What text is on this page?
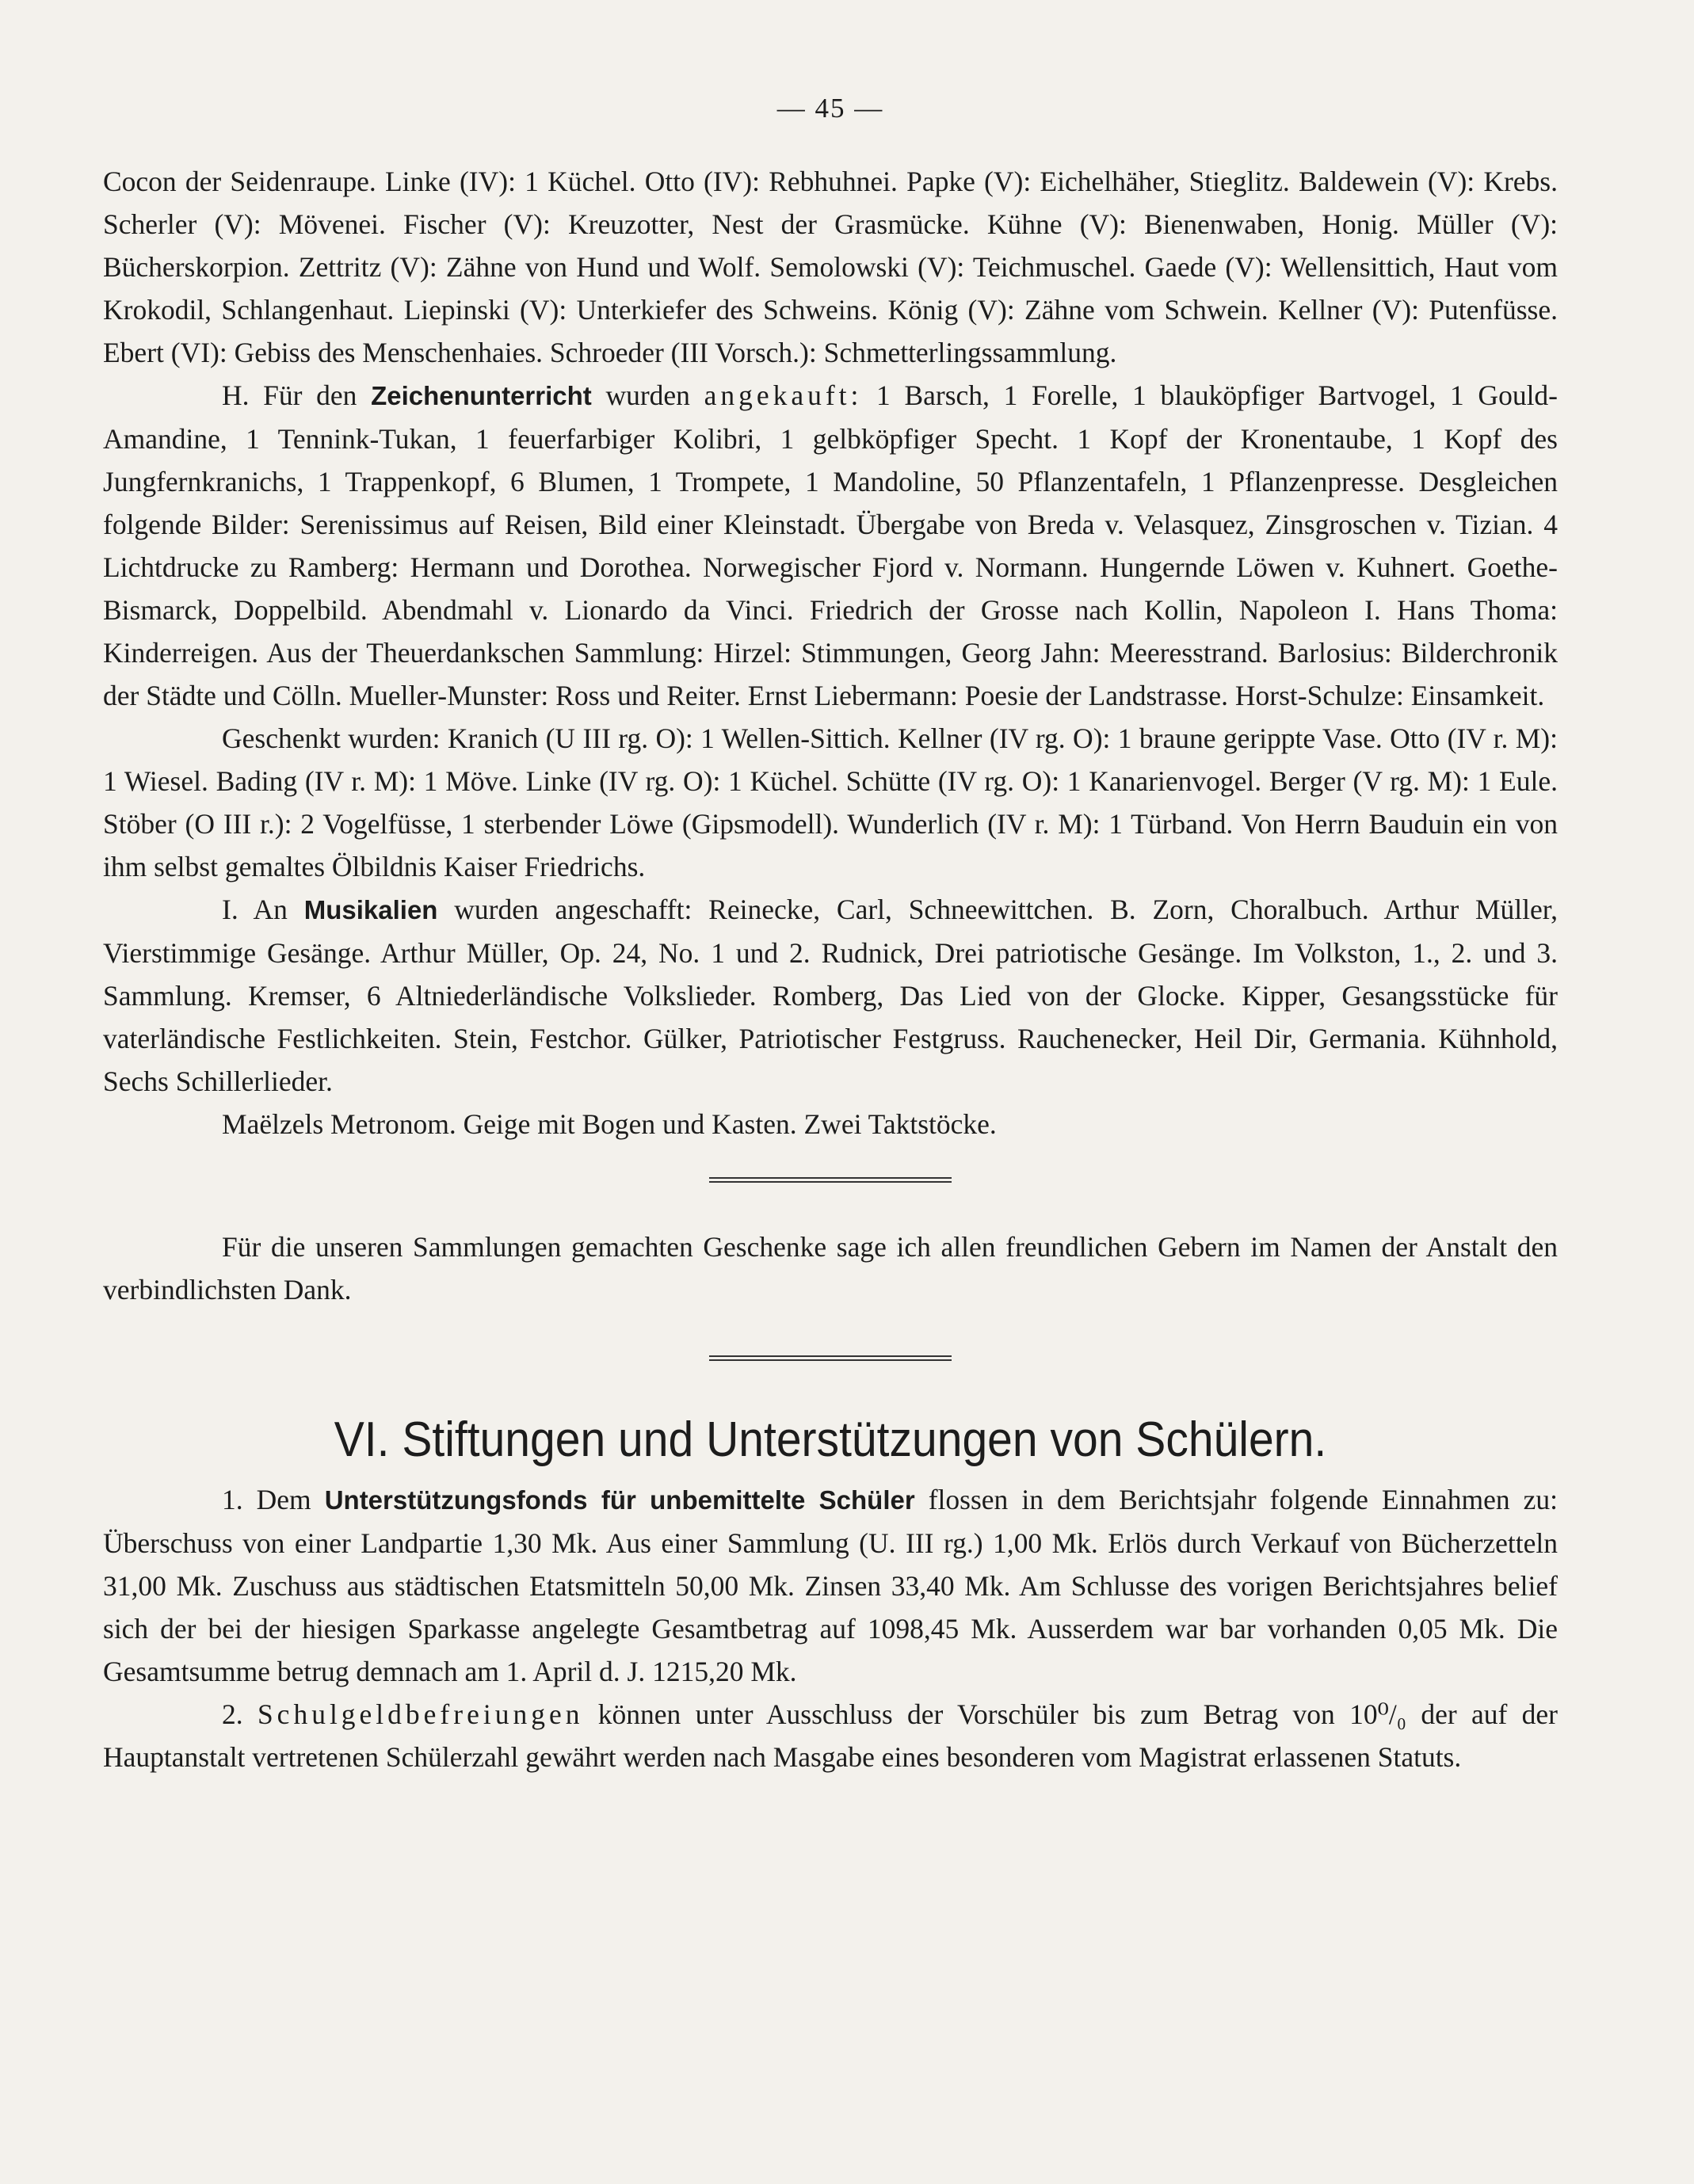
— 45 —

Cocon der Seidenraupe. Linke (IV): 1 Küchel. Otto (IV): Rebhuhnei. Papke (V): Eichelhäher, Stieglitz. Baldewein (V): Krebs. Scherler (V): Mövenei. Fischer (V): Kreuzotter, Nest der Grasmücke. Kühne (V): Bienenwaben, Honig. Müller (V): Bücherskorpion. Zettritz (V): Zähne von Hund und Wolf. Semolowski (V): Teichmuschel. Gaede (V): Wellensittich, Haut vom Krokodil, Schlangenhaut. Liepinski (V): Unterkiefer des Schweins. König (V): Zähne vom Schwein. Kellner (V): Putenfüsse. Ebert (VI): Gebiss des Menschenhaies. Schroeder (III Vorsch.): Schmetterlingssammlung.

H. Für den Zeichenunterricht wurden angekauft: 1 Barsch, 1 Forelle, 1 blauköpfiger Bartvogel, 1 Gould-Amandine, 1 Tennink-Tukan, 1 feuerfarbiger Kolibri, 1 gelbköpfiger Specht. 1 Kopf der Kronentaube, 1 Kopf des Jungfernkranichs, 1 Trappenkopf, 6 Blumen, 1 Trompete, 1 Mandoline, 50 Pflanzentafeln, 1 Pflanzenpresse. Desgleichen folgende Bilder: Serenissimus auf Reisen, Bild einer Kleinstadt. Übergabe von Breda v. Velasquez, Zinsgroschen v. Tizian. 4 Lichtdrucke zu Ramberg: Hermann und Dorothea. Norwegischer Fjord v. Normann. Hungernde Löwen v. Kuhnert. Goethe-Bismarck, Doppelbild. Abendmahl v. Lionardo da Vinci. Friedrich der Grosse nach Kollin, Napoleon I. Hans Thoma: Kinderreigen. Aus der Theuerdankschen Sammlung: Hirzel: Stimmungen, Georg Jahn: Meeresstrand. Barlosius: Bilderchronik der Städte und Cölln. Mueller-Munster: Ross und Reiter. Ernst Liebermann: Poesie der Landstrasse. Horst-Schulze: Einsamkeit.

Geschenkt wurden: Kranich (U III rg. O): 1 Wellen-Sittich. Kellner (IV rg. O): 1 braune gerippte Vase. Otto (IV r. M): 1 Wiesel. Bading (IV r. M): 1 Möve. Linke (IV rg. O): 1 Küchel. Schütte (IV rg. O): 1 Kanarienvogel. Berger (V rg. M): 1 Eule. Stöber (O III r.): 2 Vogelfüsse, 1 sterbender Löwe (Gipsmodell). Wunderlich (IV r. M): 1 Türband. Von Herrn Bauduin ein von ihm selbst gemaltes Ölbildnis Kaiser Friedrichs.

I. An Musikalien wurden angeschafft: Reinecke, Carl, Schneewittchen. B. Zorn, Choralbuch. Arthur Müller, Vierstimmige Gesänge. Arthur Müller, Op. 24, No. 1 und 2. Rudnick, Drei patriotische Gesänge. Im Volkston, 1., 2. und 3. Sammlung. Kremser, 6 Altniederländische Volkslieder. Romberg, Das Lied von der Glocke. Kipper, Gesangsstücke für vaterländische Festlichkeiten. Stein, Festchor. Gülker, Patriotischer Festgruss. Rauchenecker, Heil Dir, Germania. Kühnhold, Sechs Schillerlieder.

Maëlzels Metronom. Geige mit Bogen und Kasten. Zwei Taktstöcke.

Für die unseren Sammlungen gemachten Geschenke sage ich allen freundlichen Gebern im Namen der Anstalt den verbindlichsten Dank.

VI. Stiftungen und Unterstützungen von Schülern.

1. Dem Unterstützungsfonds für unbemittelte Schüler flossen in dem Berichtsjahr folgende Einnahmen zu: Überschuss von einer Landpartie 1,30 Mk. Aus einer Sammlung (U. III rg.) 1,00 Mk. Erlös durch Verkauf von Bücherzetteln 31,00 Mk. Zuschuss aus städtischen Etatsmitteln 50,00 Mk. Zinsen 33,40 Mk. Am Schlusse des vorigen Berichtsjahres belief sich der bei der hiesigen Sparkasse angelegte Gesamtbetrag auf 1098,45 Mk. Ausserdem war bar vorhanden 0,05 Mk. Die Gesamtsumme betrug demnach am 1. April d. J. 1215,20 Mk.

2. Schulgeldbefreiungen können unter Ausschluss der Vorschüler bis zum Betrag von 10⁰/₀ der auf der Hauptanstalt vertretenen Schülerzahl gewährt werden nach Masgabe eines besonderen vom Magistrat erlassenen Statuts.
